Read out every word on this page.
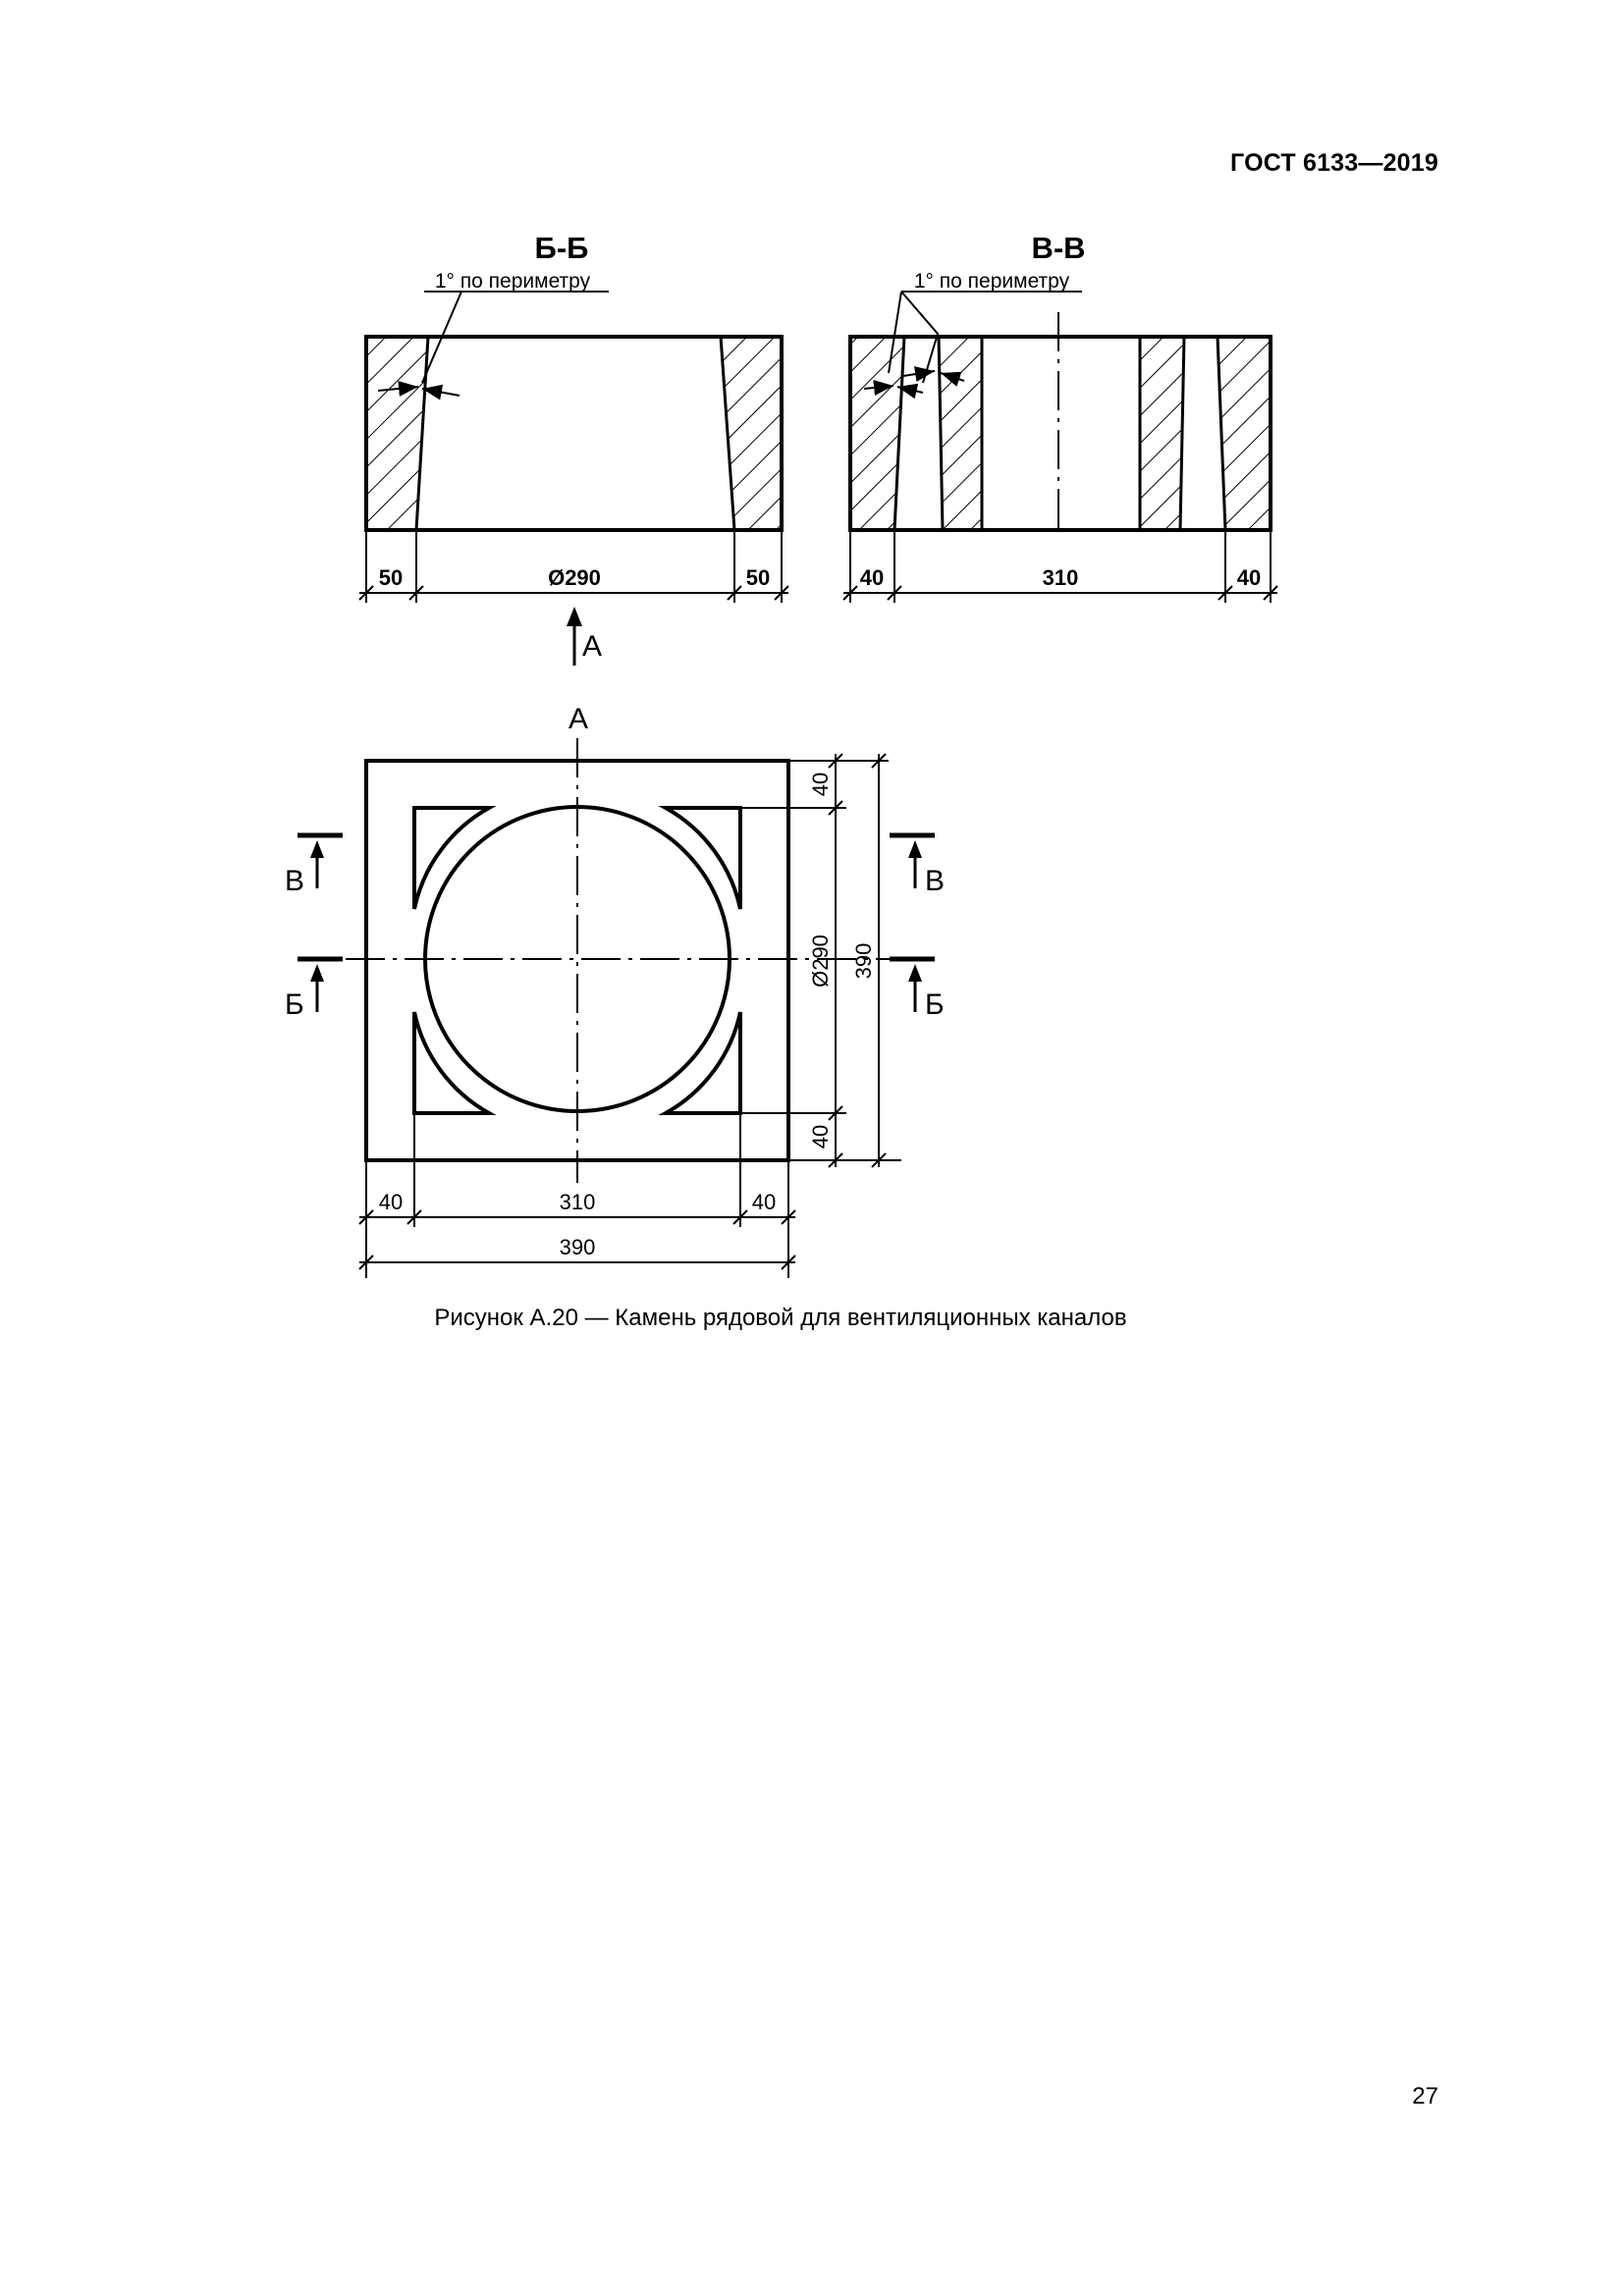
ГОСТ 6133—2019
Б-Б
1° по периметру
50	Ø290	50
А
В-В
1° по периметру
40	310	40
А
В	В
Б	Б
40	310	40
390
40
Ø290
40
390
Рисунок А.20 — Камень рядовой для вентиляционных каналов
27
